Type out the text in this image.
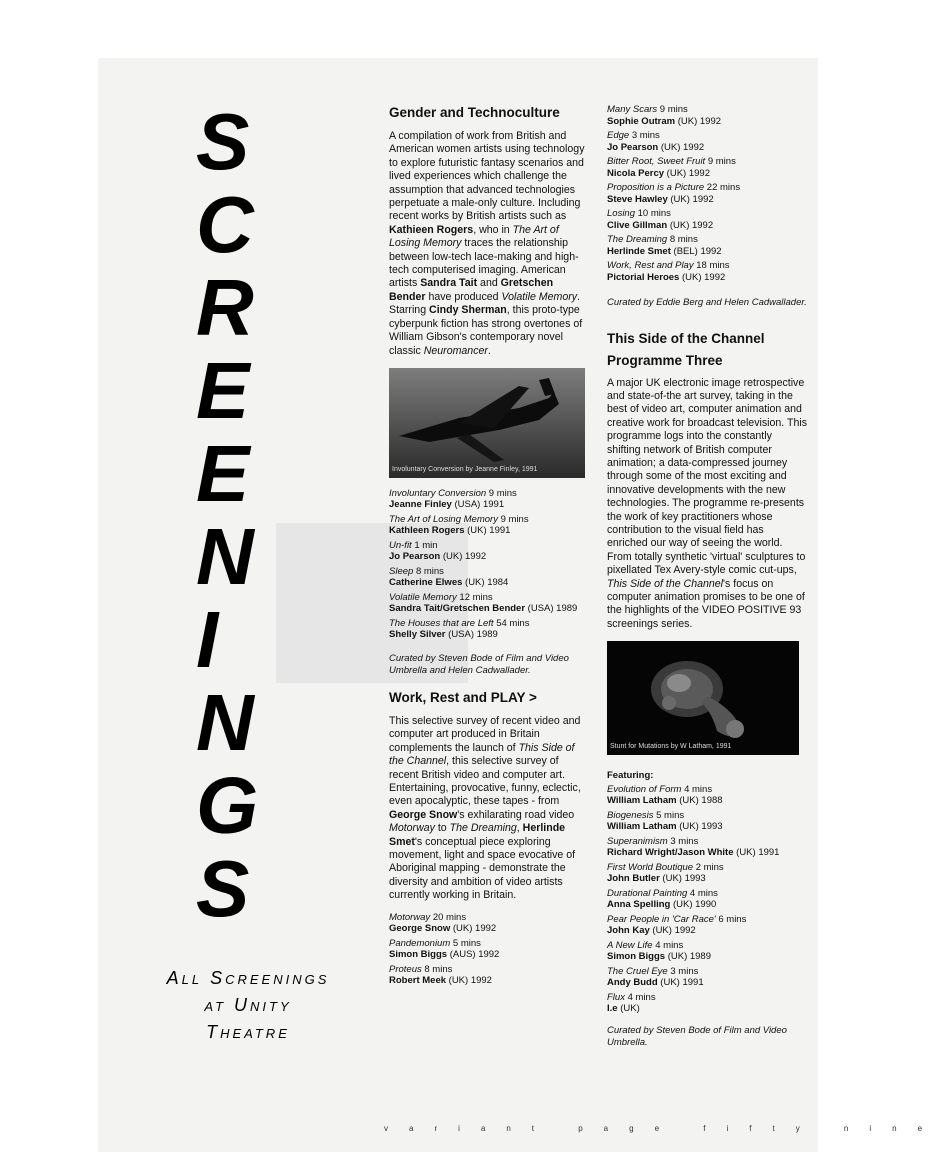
S
C
R
E
E
N
I
N
G
S
All Screenings
at Unity
Theatre
Gender and Technoculture

A compilation of work from British and American women artists using technology to explore futuristic fantasy scenarios and lived experiences which challenge the assumption that advanced technologies perpetuate a male-only culture. Including recent works by British artists such as Kathieen Rogers, who in The Art of Losing Memory traces the relationship between low-tech lace-making and high-tech computerised imaging. American artists Sandra Tait and Gretschen Bender have produced Volatile Memory. Starring Cindy Sherman, this proto-type cyberpunk fiction has strong overtones of William Gibson's contemporary novel classic Neuromancer.

Involuntary Conversion by Jeanne Finley, 1991
Involuntary Conversion 9 mins
Jeanne Finley (USA) 1991
The Art of Losing Memory 9 mins
Kathleen Rogers (UK) 1991
Un-fit 1 min
Jo Pearson (UK) 1992
Sleep 8 mins
Catherine Elwes (UK) 1984
Volatile Memory 12 mins
Sandra Tait/Gretschen Bender (USA) 1989
The Houses that are Left 54 mins
Shelly Silver (USA) 1989
Curated by Steven Bode of Film and Video Umbrella and Helen Cadwallader.
Work, Rest and PLAY >

This selective survey of recent video and computer art produced in Britain complements the launch of This Side of the Channel, this selective survey of recent British video and computer art. Entertaining, provocative, funny, eclectic, even apocalyptic, these tapes - from George Snow's exhilarating road video Motorway to The Dreaming, Herlinde Smet's conceptual piece exploring movement, light and space evocative of Aboriginal mapping - demonstrate the diversity and ambition of video artists currently working in Britain.

Motorway 20 mins
George Snow (UK) 1992
Pandemonium 5 mins
Simon Biggs (AUS) 1992
Proteus 8 mins
Robert Meek (UK) 1992
Many Scars 9 mins
Sophie Outram (UK) 1992
Edge 3 mins
Jo Pearson (UK) 1992
Bitter Root, Sweet Fruit 9 mins
Nicola Percy (UK) 1992
Proposition is a Picture 22 mins
Steve Hawley (UK) 1992
Losing 10 mins
Clive Gillman (UK) 1992
The Dreaming 8 mins
Herlinde Smet (BEL) 1992
Work, Rest and Play 18 mins
Pictorial Heroes (UK) 1992
Curated by Eddie Berg and Helen Cadwallader.
This Side of the Channel
Programme Three

A major UK electronic image retrospective and state-of-the art survey, taking in the best of video art, computer animation and creative work for broadcast television. This programme logs into the constantly shifting network of British computer animation; a data-compressed journey through some of the most exciting and innovative developments with the new technologies. The programme re-presents the work of key practitioners whose contribution to the visual field has enriched our way of seeing the world. From totally synthetic 'virtual' sculptures to pixellated Tex Avery-style comic cut-ups, This Side of the Channel's focus on computer animation promises to be one of the highlights of the VIDEO POSITIVE 93 screenings series.

Stunt for Mutations by W Latham, 1991
Featuring:
Evolution of Form 4 mins
William Latham (UK) 1988
Biogenesis 5 mins
William Latham (UK) 1993
Superanimism 3 mins
Richard Wright/Jason White (UK) 1991
First World Boutique 2 mins
John Butler (UK) 1993
Durational Painting 4 mins
Anna Spelling (UK) 1990
Pear People in 'Car Race' 6 mins
John Kay (UK) 1992
A New Life 4 mins
Simon Biggs (UK) 1989
The Cruel Eye 3 mins
Andy Budd (UK) 1991
Flux 4 mins
I.e (UK)
Curated by Steven Bode of Film and Video Umbrella.
variant page fifty nine
